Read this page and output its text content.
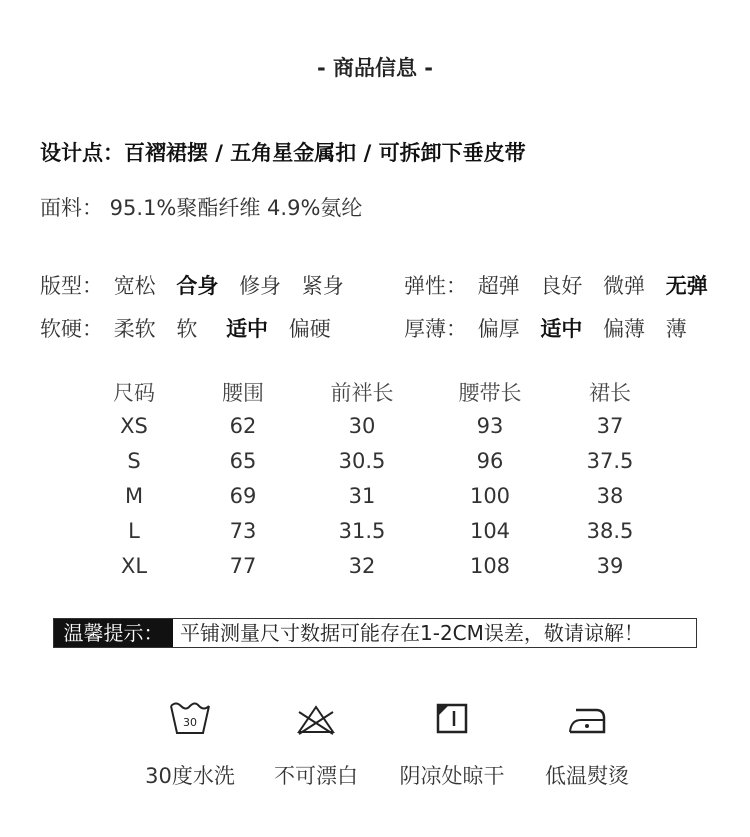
- 商品信息 -
设计点：百褶裙摆 / 五角星金属扣 / 可拆卸下垂皮带
面料： 95.1%聚酯纤维 4.9%氨纶
版型： 宽松 合身 修身 紧身	弹性： 超弹 良好 微弹 无弹
软硬： 柔软 软 适中 偏硬	厚薄： 偏厚 适中 偏薄 薄
尺码	腰围	前袢长	腰带长	裙长
XS	62	30	93	37
S	65	30.5	96	37.5
M	69	31	100	38
L	73	31.5	104	38.5
XL	77	32	108	39
温馨提示： 平铺测量尺寸数据可能存在1-2CM误差，敬请谅解！
30
30度水洗	不可漂白	阴凉处晾干	低温熨烫
